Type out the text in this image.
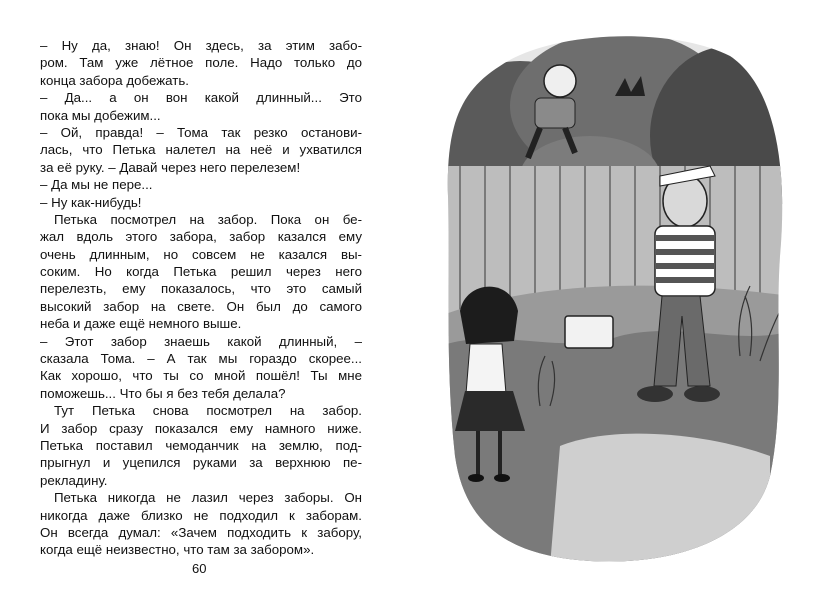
– Ну да, знаю! Он здесь, за этим забо-
ром. Там уже лётное поле. Надо только до
конца забора добежать.
– Да... а он вон какой длинный... Это
пока мы добежим...
– Ой, правда! – Тома так резко останови-
лась, что Петька налетел на неё и ухватился
за её руку. – Давай через него перелезем!
– Да мы не пере...
– Ну как-нибудь!
Петька посмотрел на забор. Пока он бе-
жал вдоль этого забора, забор казался ему
очень длинным, но совсем не казался вы-
соким. Но когда Петька решил через него
перелезть, ему показалось, что это самый
высокий забор на свете. Он был до самого
неба и даже ещё немного выше.
– Этот забор знаешь какой длинный, –
сказала Тома. – А так мы гораздо скорее...
Как хорошо, что ты со мной пошёл! Ты мне
поможешь... Что бы я без тебя делала?
Тут Петька снова посмотрел на забор.
И забор сразу показался ему намного ниже.
Петька поставил чемоданчик на землю, под-
прыгнул и уцепился руками за верхнюю пе-
рекладину.
Петька никогда не лазил через заборы. Он
никогда даже близко не подходил к заборам.
Он всегда думал: «Зачем подходить к забору,
когда ещё неизвестно, что там за забором».
60
